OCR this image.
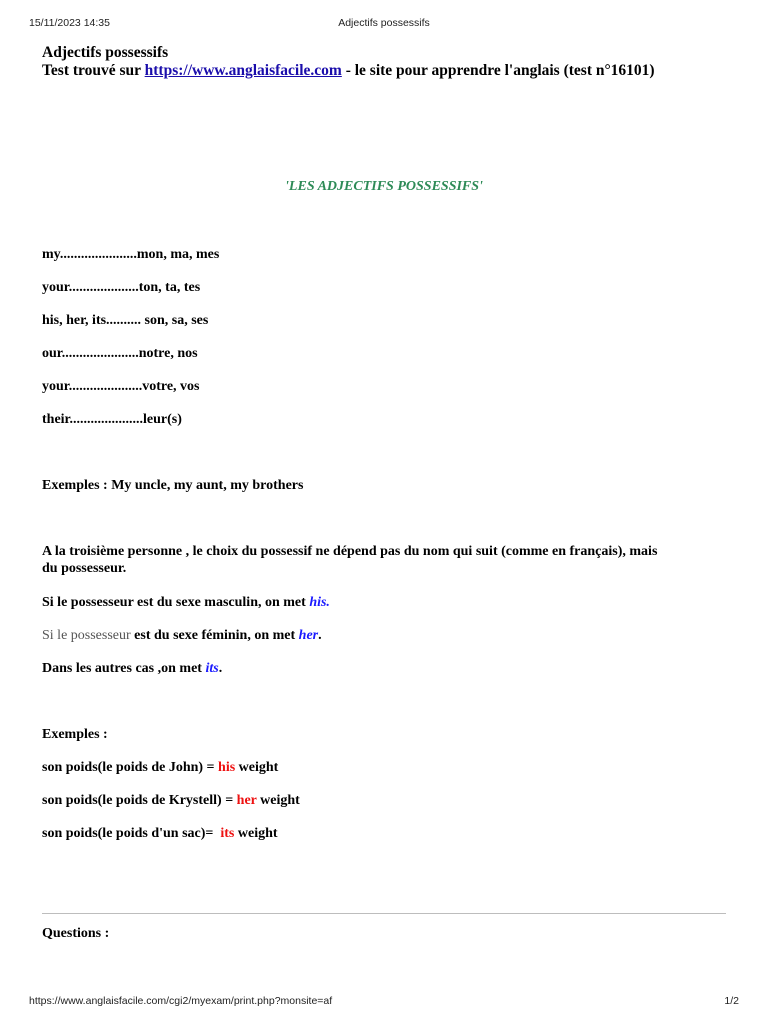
15/11/2023 14:35	Adjectifs possessifs
Adjectifs possessifs
Test trouvé sur https://www.anglaisfacile.com - le site pour apprendre l'anglais (test n°16101)
'LES ADJECTIFS POSSESSIFS'
my......................mon, ma, mes
your....................ton, ta, tes
his, her, its.......... son, sa, ses
our......................notre, nos
your.....................votre, vos
their.....................leur(s)
Exemples : My uncle, my aunt, my brothers
A la troisième personne , le choix du possessif ne dépend pas du nom qui suit (comme en français), mais
du possesseur.
Si le possesseur est du sexe masculin, on met his.
Si le possesseur est du sexe féminin, on met her.
Dans les autres cas ,on met its.
Exemples :
son poids(le poids de John) = his weight
son poids(le poids de Krystell) = her weight
son poids(le poids d'un sac)=  its weight
Questions :
https://www.anglaisfacile.com/cgi2/myexam/print.php?monsite=af	1/2
